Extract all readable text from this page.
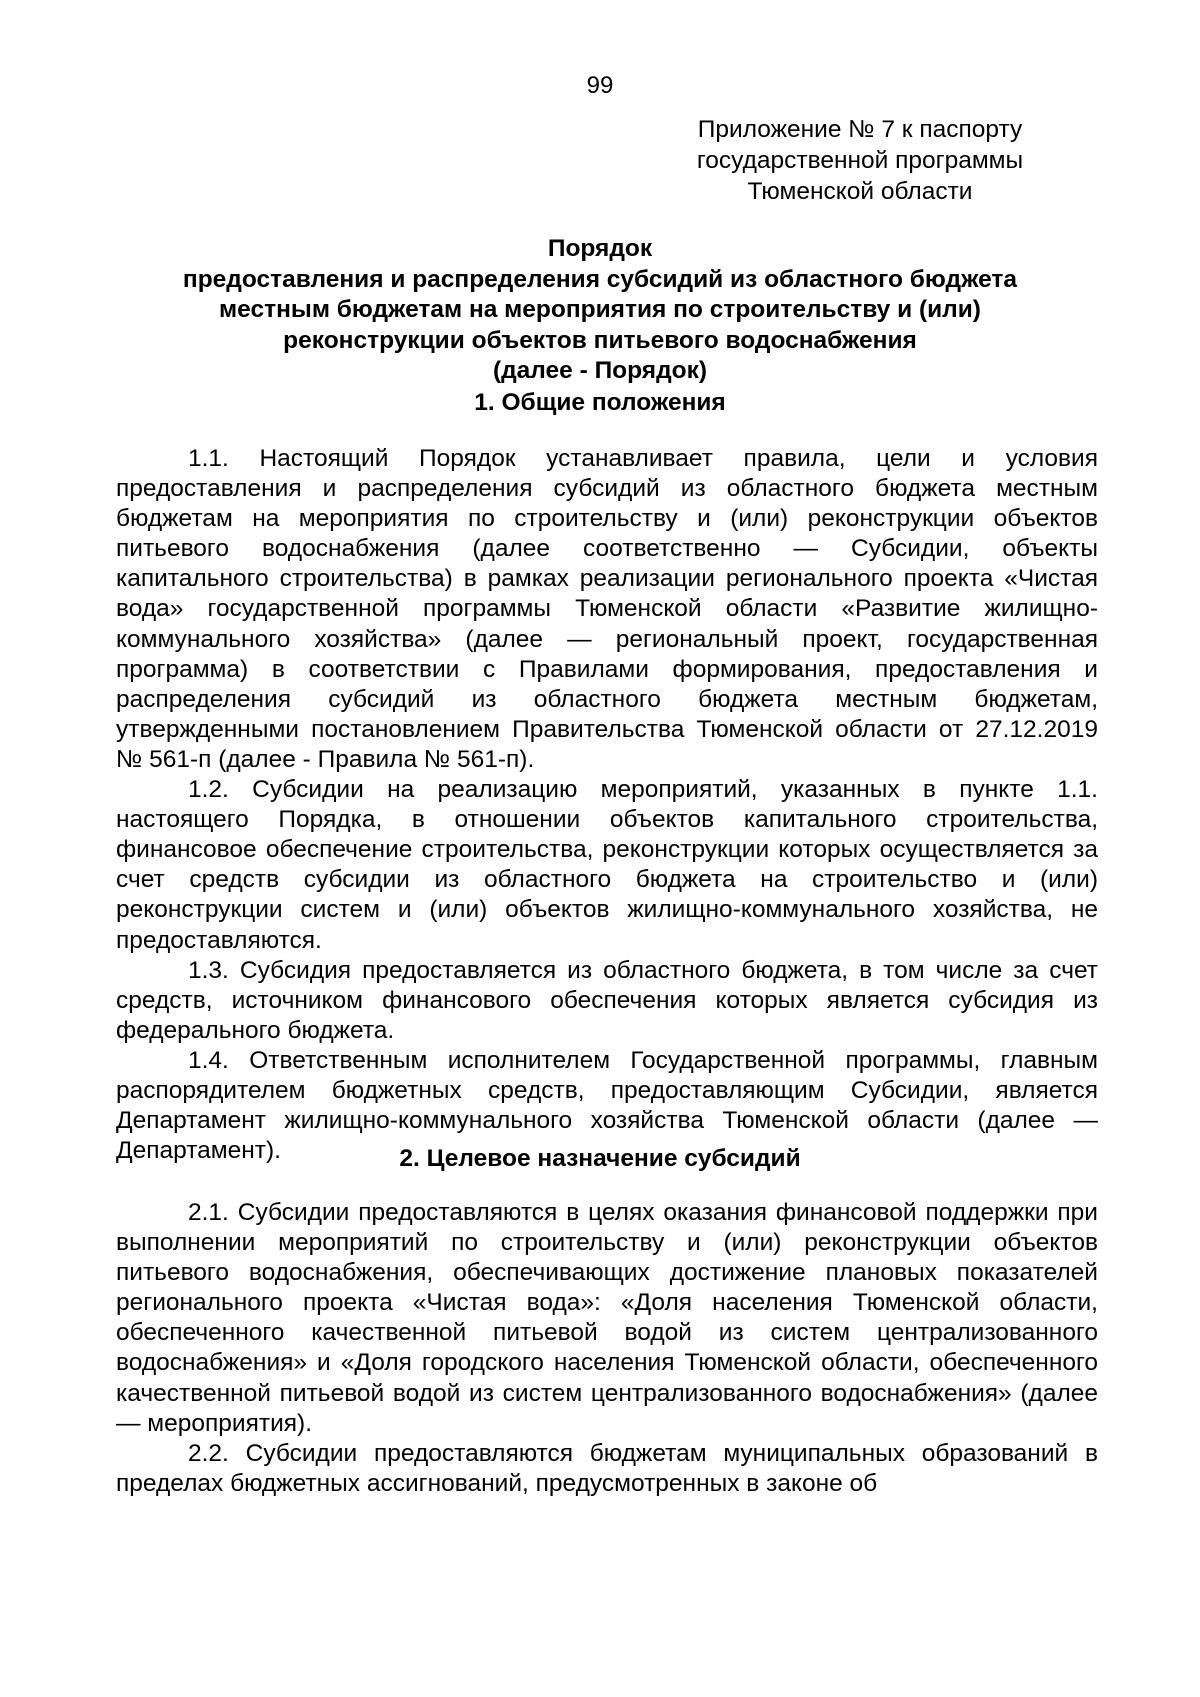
99
Приложение № 7 к паспорту
государственной программы
Тюменской области
Порядок
предоставления и распределения субсидий из областного бюджета
местным бюджетам на мероприятия по строительству и (или)
реконструкции объектов питьевого водоснабжения
(далее - Порядок)
1. Общие положения

1.1. Настоящий Порядок устанавливает правила, цели и условия предоставления и распределения субсидий из областного бюджета местным бюджетам на мероприятия по строительству и (или) реконструкции объектов питьевого водоснабжения (далее соответственно — Субсидии, объекты капитального строительства) в рамках реализации регионального проекта «Чистая вода» государственной программы Тюменской области «Развитие жилищно-коммунального хозяйства» (далее — региональный проект, государственная программа) в соответствии с Правилами формирования, предоставления и распределения субсидий из областного бюджета местным бюджетам, утвержденными постановлением Правительства Тюменской области от 27.12.2019 № 561-п (далее - Правила № 561-п).

1.2. Субсидии на реализацию мероприятий, указанных в пункте 1.1. настоящего Порядка, в отношении объектов капитального строительства, финансовое обеспечение строительства, реконструкции которых осуществляется за счет средств субсидии из областного бюджета на строительство и (или) реконструкции систем и (или) объектов жилищно-коммунального хозяйства, не предоставляются.

1.3. Субсидия предоставляется из областного бюджета, в том числе за счет средств, источником финансового обеспечения которых является субсидия из федерального бюджета.

1.4. Ответственным исполнителем Государственной программы, главным распорядителем бюджетных средств, предоставляющим Субсидии, является Департамент жилищно-коммунального хозяйства Тюменской области (далее — Департамент).	2. Целевое назначение субсидий

2.1. Субсидии предоставляются в целях оказания финансовой поддержки при выполнении мероприятий по строительству и (или) реконструкции объектов питьевого водоснабжения, обеспечивающих достижение плановых показателей регионального проекта «Чистая вода»: «Доля населения Тюменской области, обеспеченного качественной питьевой водой из систем централизованного водоснабжения» и «Доля городского населения Тюменской области, обеспеченного качественной питьевой водой из систем централизованного водоснабжения» (далее — мероприятия).

2.2. Субсидии предоставляются бюджетам муниципальных образований в пределах бюджетных ассигнований, предусмотренных в законе об
